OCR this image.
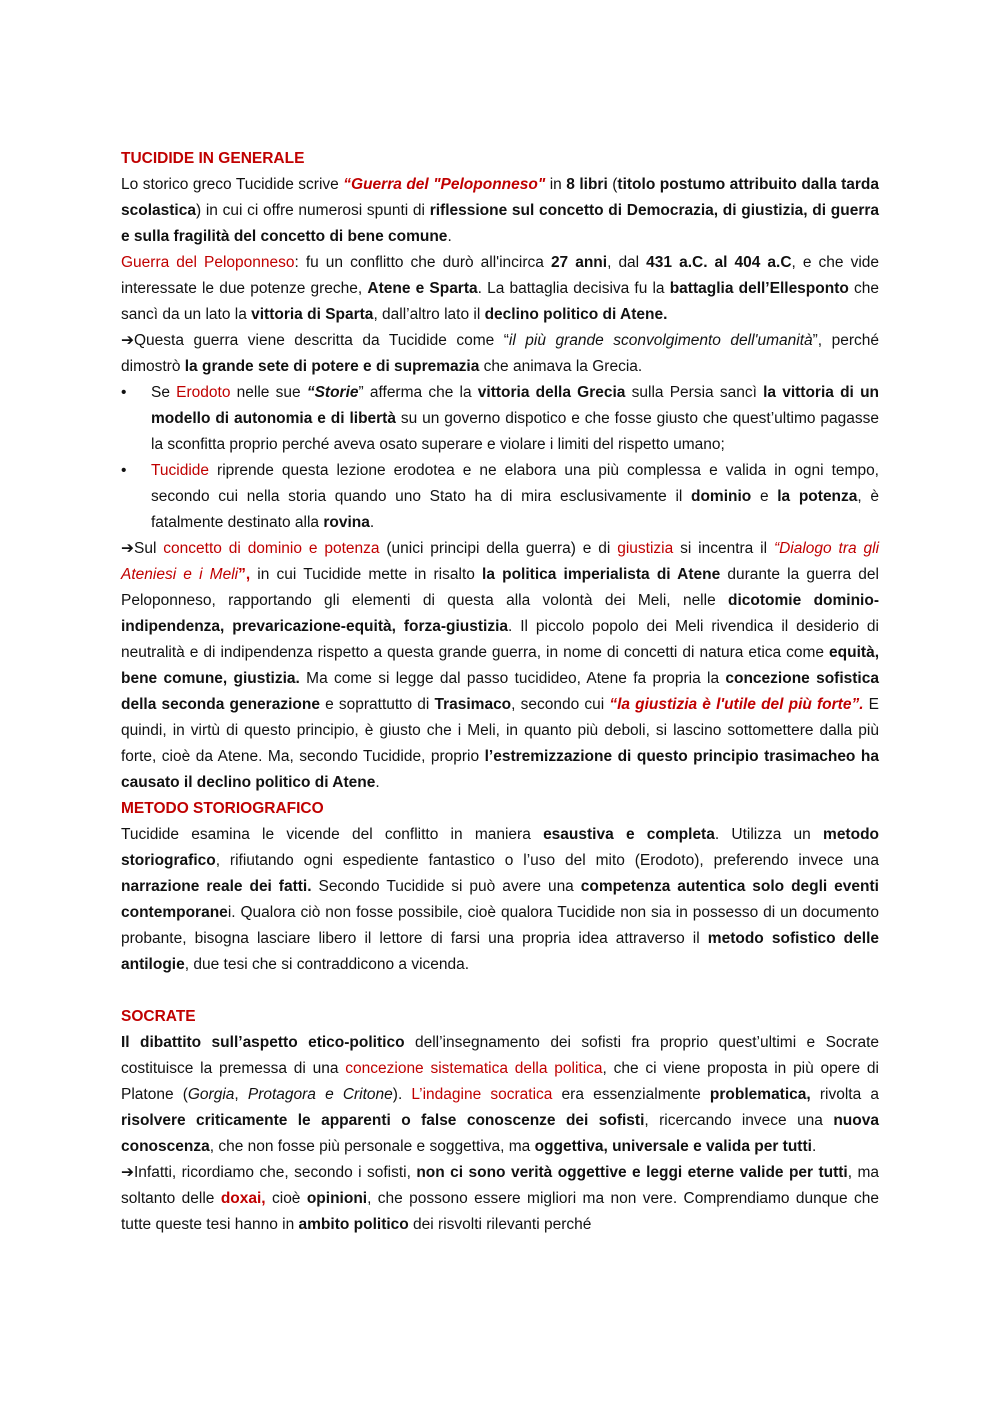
TUCIDIDE IN GENERALE

Lo storico greco Tucidide scrive “Guerra del "Peloponneso" in 8 libri (titolo postumo attribuito dalla tarda scolastica) in cui ci offre numerosi spunti di riflessione sul concetto di Democrazia, di giustizia, di guerra e sulla fragilità del concetto di bene comune.

Guerra del Peloponneso: fu un conflitto che durò all'incirca 27 anni, dal 431 a.C. al 404 a.C, e che vide interessate le due potenze greche, Atene e Sparta. La battaglia decisiva fu la battaglia dell’Ellesponto che sancì da un lato la vittoria di Sparta, dall’altro lato il declino politico di Atene.

➔Questa guerra viene descritta da Tucidide come “il più grande sconvolgimento dell'umanità”, perché dimostrò la grande sete di potere e di supremazia che animava la Grecia.

• Se Erodoto nelle sue “Storie” afferma che la vittoria della Grecia sulla Persia sancì la vittoria di un modello di autonomia e di libertà su un governo dispotico e che fosse giusto che quest’ultimo pagasse la sconfitta proprio perché aveva osato superare e violare i limiti del rispetto umano;
• Tucidide riprende questa lezione erodotea e ne elabora una più complessa e valida in ogni tempo, secondo cui nella storia quando uno Stato ha di mira esclusivamente il dominio e la potenza, è fatalmente destinato alla rovina.

➔Sul concetto di dominio e potenza (unici principi della guerra) e di giustizia si incentra il “Dialogo tra gli Ateniesi e i Meli”, in cui Tucidide mette in risalto la politica imperialista di Atene durante la guerra del Peloponneso, rapportando gli elementi di questa alla volontà dei Meli, nelle dicotomie dominio-indipendenza, prevaricazione-equità, forza-giustizia. Il piccolo popolo dei Meli rivendica il desiderio di neutralità e di indipendenza rispetto a questa grande guerra, in nome di concetti di natura etica come equità, bene comune, giustizia. Ma come si legge dal passo tucidideo, Atene fa propria la concezione sofistica della seconda generazione e soprattutto di Trasimaco, secondo cui “la giustizia è l'utile del più forte”. E quindi, in virtù di questo principio, è giusto che i Meli, in quanto più deboli, si lascino sottomettere dalla più forte, cioè da Atene. Ma, secondo Tucidide, proprio l’estremizzazione di questo principio trasimacheo ha causato il declino politico di Atene.

METODO STORIOGRAFICO

Tucidide esamina le vicende del conflitto in maniera esaustiva e completa. Utilizza un metodo storiografico, rifiutando ogni espediente fantastico o l’uso del mito (Erodoto), preferendo invece una narrazione reale dei fatti. Secondo Tucidide si può avere una competenza autentica solo degli eventi contemporanei. Qualora ciò non fosse possibile, cioè qualora Tucidide non sia in possesso di un documento probante, bisogna lasciare libero il lettore di farsi una propria idea attraverso il metodo sofistico delle antilogie, due tesi che si contraddicono a vicenda.

SOCRATE

Il dibattito sull’aspetto etico-politico dell’insegnamento dei sofisti fra proprio quest’ultimi e Socrate costituisce la premessa di una concezione sistematica della politica, che ci viene proposta in più opere di Platone (Gorgia, Protagora e Critone). L’indagine socratica era essenzialmente problematica, rivolta a risolvere criticamente le apparenti o false conoscenze dei sofisti, ricercando invece una nuova conoscenza, che non fosse più personale e soggettiva, ma oggettiva, universale e valida per tutti.

➔Infatti, ricordiamo che, secondo i sofisti, non ci sono verità oggettive e leggi eterne valide per tutti, ma soltanto delle doxai, cioè opinioni, che possono essere migliori ma non vere. Comprendiamo dunque che tutte queste tesi hanno in ambito politico dei risvolti rilevanti perché
